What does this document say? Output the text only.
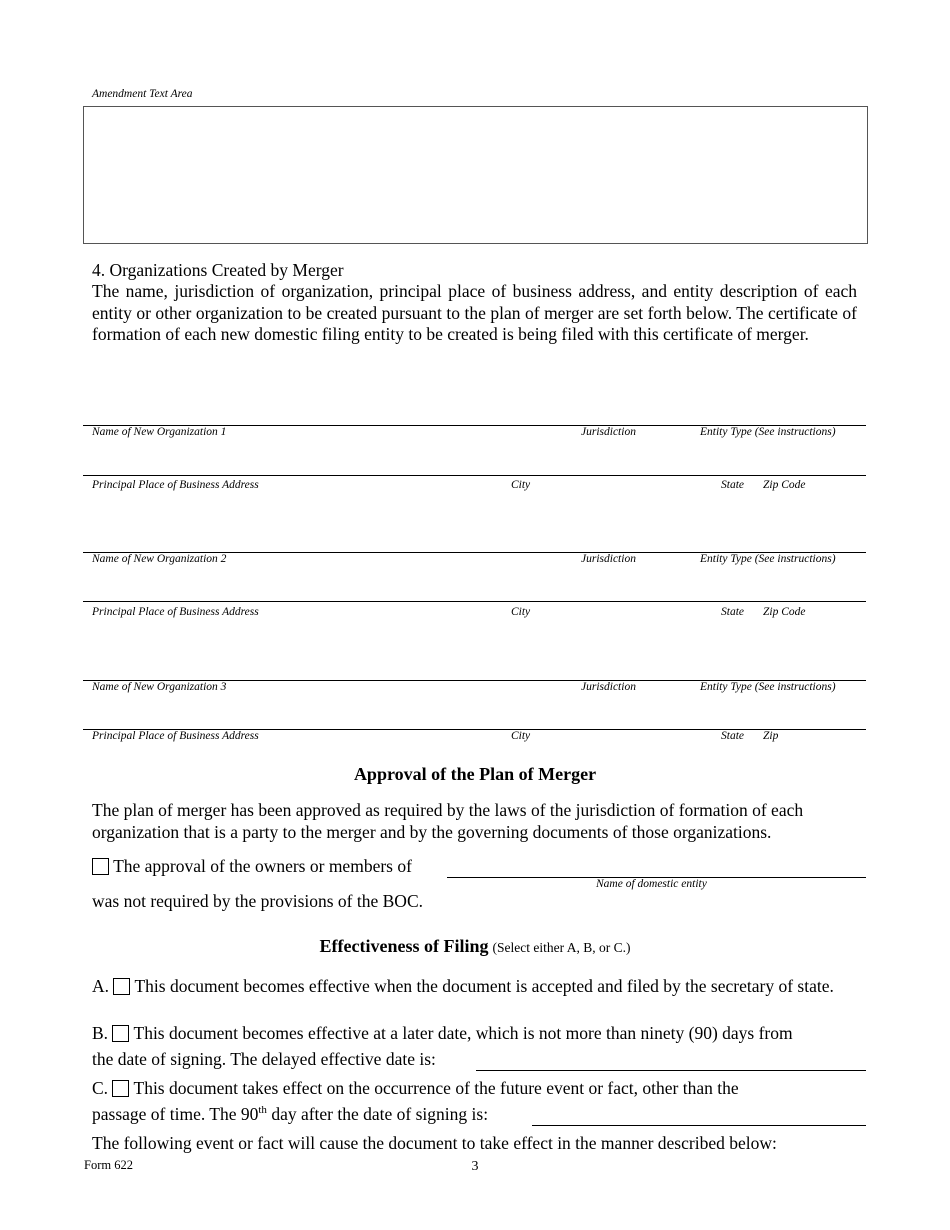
Amendment Text Area
4. Organizations Created by Merger
The name, jurisdiction of organization, principal place of business address, and entity description of each entity or other organization to be created pursuant to the plan of merger are set forth below. The certificate of formation of each new domestic filing entity to be created is being filed with this certificate of merger.
Name of New Organization 1	Jurisdiction	Entity Type (See instructions)
Principal Place of Business Address	City	State Zip Code
Name of New Organization 2	Jurisdiction	Entity Type (See instructions)
Principal Place of Business Address	City	State Zip Code
Name of New Organization 3	Jurisdiction	Entity Type (See instructions)
Principal Place of Business Address	City	State Zip
Approval of the Plan of Merger
The plan of merger has been approved as required by the laws of the jurisdiction of formation of each organization that is a party to the merger and by the governing documents of those organizations.
The approval of the owners or members of
Name of domestic entity
was not required by the provisions of the BOC.
Effectiveness of Filing (Select either A, B, or C.)
A. This document becomes effective when the document is accepted and filed by the secretary of state.
B. This document becomes effective at a later date, which is not more than ninety (90) days from
the date of signing. The delayed effective date is:
C. This document takes effect on the occurrence of the future event or fact, other than the
passage of time. The 90th day after the date of signing is:
The following event or fact will cause the document to take effect in the manner described below:
Form 622	3
